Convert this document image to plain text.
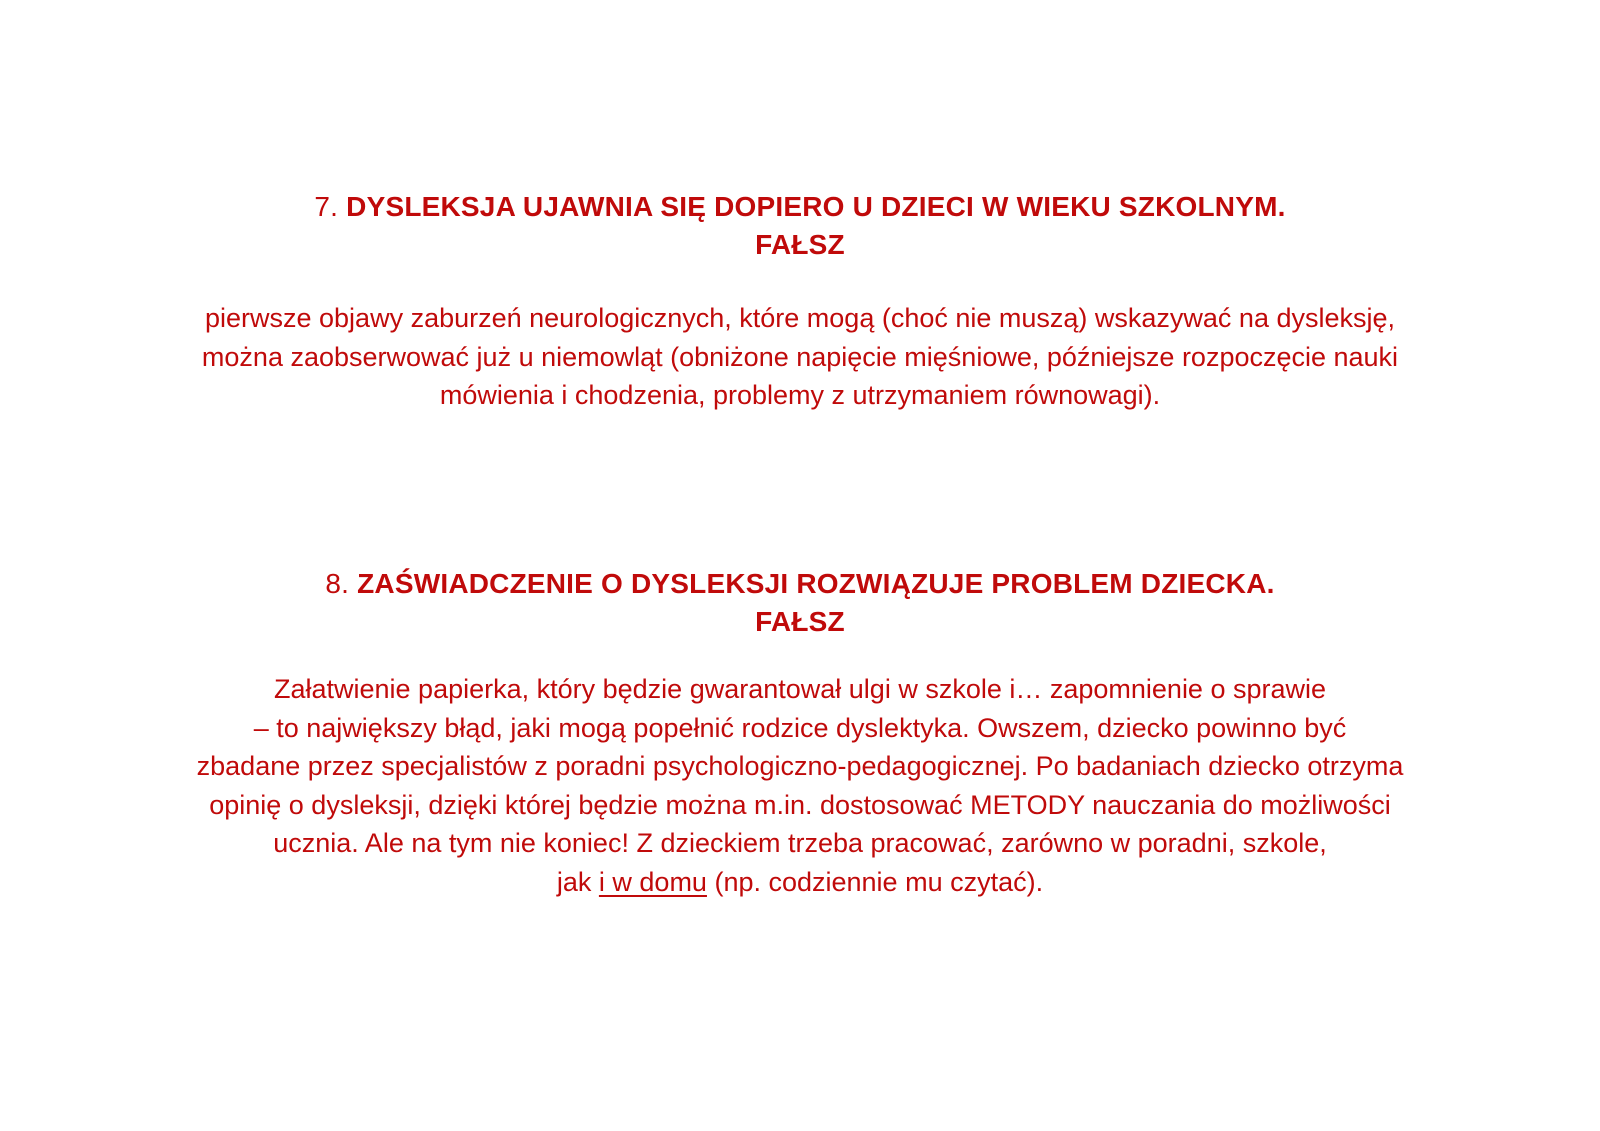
7. DYSLEKSJA UJAWNIA SIĘ DOPIERO U DZIECI W WIEKU SZKOLNYM.
FAŁSZ

pierwsze objawy zaburzeń neurologicznych, które mogą (choć nie muszą) wskazywać na dysleksję,
można zaobserwować już u niemowląt (obniżone napięcie mięśniowe, późniejsze rozpoczęcie nauki
mówienia i chodzenia, problemy z utrzymaniem równowagi).

8. ZAŚWIADCZENIE O DYSLEKSJI ROZWIĄZUJE PROBLEM DZIECKA.
FAŁSZ

Załatwienie papierka, który będzie gwarantował ulgi w szkole i… zapomnienie o sprawie
– to największy błąd, jaki mogą popełnić rodzice dyslektyka. Owszem, dziecko powinno być
zbadane przez specjalistów z poradni psychologiczno-pedagogicznej. Po badaniach dziecko otrzyma
opinię o dysleksji, dzięki której będzie można m.in. dostosować METODY nauczania do możliwości
ucznia. Ale na tym nie koniec! Z dzieckiem trzeba pracować, zarówno w poradni, szkole,
jak i w domu (np. codziennie mu czytać).
